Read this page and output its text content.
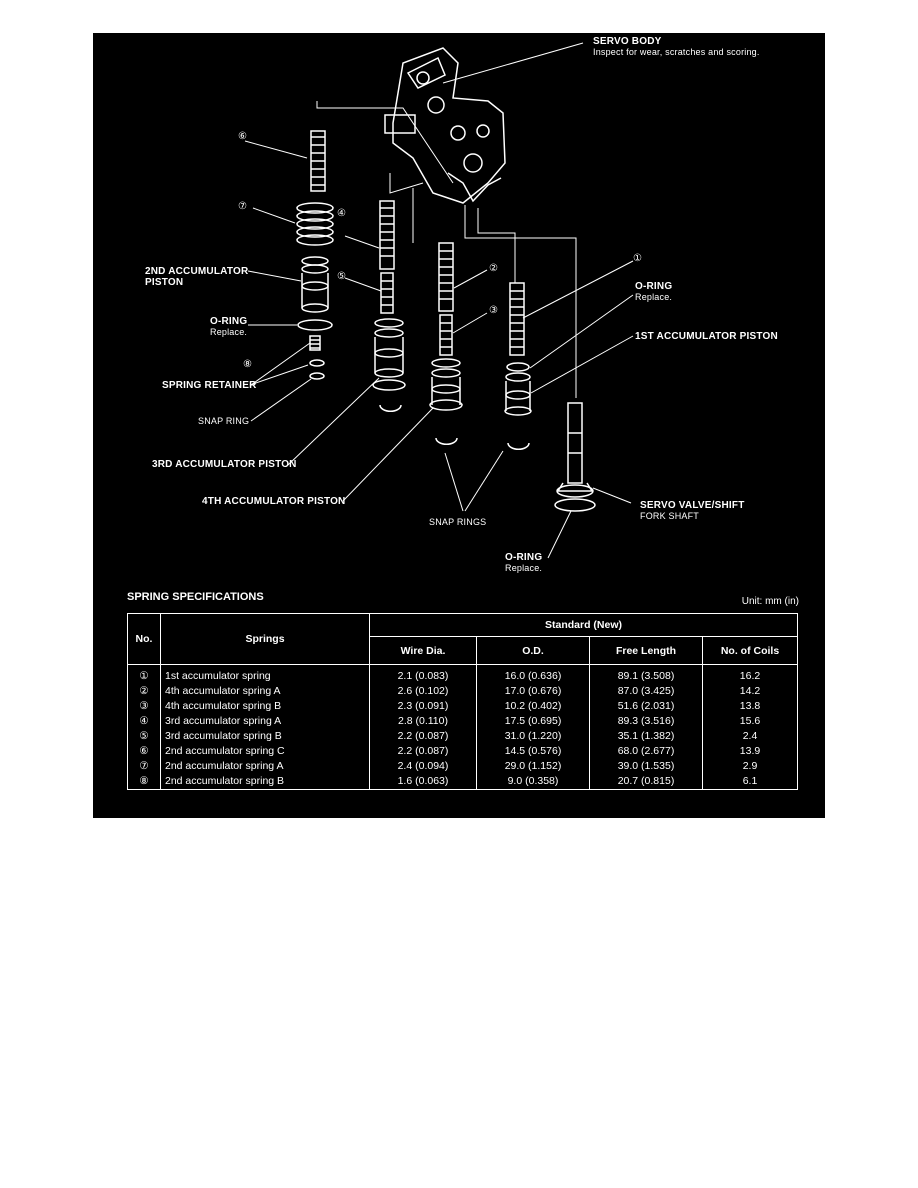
⑥
⑦
④
⑤
⑧
②
③
①
SERVO BODY
Inspect for wear, scratches and scoring.
2ND ACCUMULATOR PISTON
O-RING
Replace.
SPRING RETAINER
SNAP RING
3RD ACCUMULATOR PISTON
4TH ACCUMULATOR PISTON
SNAP RINGS
O-RING
Replace.
O-RING
Replace.
1ST ACCUMULATOR PISTON
SERVO VALVE/SHIFT
FORK SHAFT
SPRING SPECIFICATIONS	Unit: mm (in)
No.	Springs	Standard (New)			
		Wire Dia.	O.D.	Free Length	No. of Coils
①	1st accumulator spring	2.1 (0.083)	16.0 (0.636)	89.1 (3.508)	16.2
②	4th accumulator spring A	2.6 (0.102)	17.0 (0.676)	87.0 (3.425)	14.2
③	4th accumulator spring B	2.3 (0.091)	10.2 (0.402)	51.6 (2.031)	13.8
④	3rd accumulator spring A	2.8 (0.110)	17.5 (0.695)	89.3 (3.516)	15.6
⑤	3rd accumulator spring B	2.2 (0.087)	31.0 (1.220)	35.1 (1.382)	2.4
⑥	2nd accumulator spring C	2.2 (0.087)	14.5 (0.576)	68.0 (2.677)	13.9
⑦	2nd accumulator spring A	2.4 (0.094)	29.0 (1.152)	39.0 (1.535)	2.9
⑧	2nd accumulator spring B	1.6 (0.063)	9.0 (0.358)	20.7 (0.815)	6.1
